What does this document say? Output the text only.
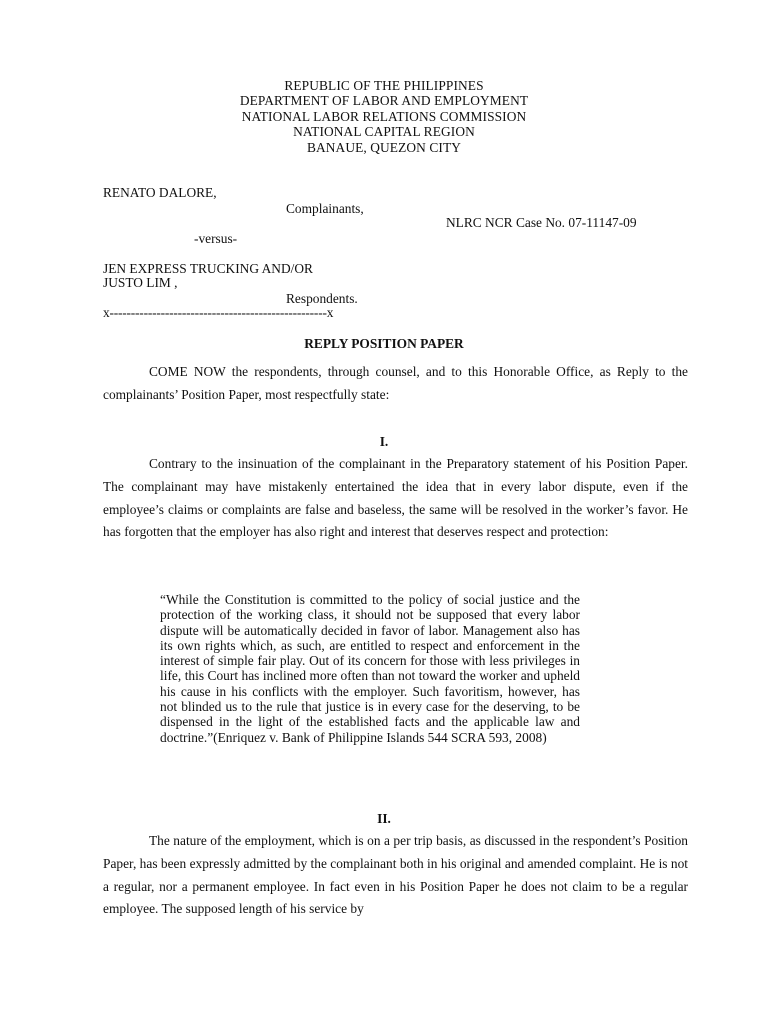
REPUBLIC OF THE PHILIPPINES
DEPARTMENT OF LABOR AND EMPLOYMENT
NATIONAL LABOR RELATIONS COMMISSION
NATIONAL CAPITAL REGION
BANAUE, QUEZON CITY
RENATO DALORE,
Complainants,
NLRC NCR Case No. 07-11147-09
-versus-
JEN EXPRESS TRUCKING AND/OR
JUSTO LIM ,
Respondents.
x---------------------------------------------------x
REPLY POSITION PAPER

COME NOW the respondents, through counsel, and to this Honorable Office, as Reply to the complainants’ Position Paper, most respectfully state:

I.

Contrary to the insinuation of the complainant in the Preparatory statement of his Position Paper. The complainant may have mistakenly entertained the idea that in every labor dispute, even if the employee’s claims or complaints are false and baseless, the same will be resolved in the worker’s favor. He has forgotten that the employer has also right and interest that deserves respect and protection:

“While the Constitution is committed to the policy of social justice and the protection of the working class, it should not be supposed that every labor dispute will be automatically decided in favor of labor. Management also has its own rights which, as such, are entitled to respect and enforcement in the interest of simple fair play. Out of its concern for those with less privileges in life, this Court has inclined more often than not toward the worker and upheld his cause in his conflicts with the employer. Such favoritism, however, has not blinded us to the rule that justice is in every case for the deserving, to be dispensed in the light of the established facts and the applicable law and doctrine.”(Enriquez v. Bank of Philippine Islands 544 SCRA 593, 2008)

II.

The nature of the employment, which is on a per trip basis, as discussed in the respondent’s Position Paper, has been expressly admitted by the complainant both in his original and amended complaint. He is not a regular, nor a permanent employee. In fact even in his Position Paper he does not claim to be a regular employee. The supposed length of his service by
